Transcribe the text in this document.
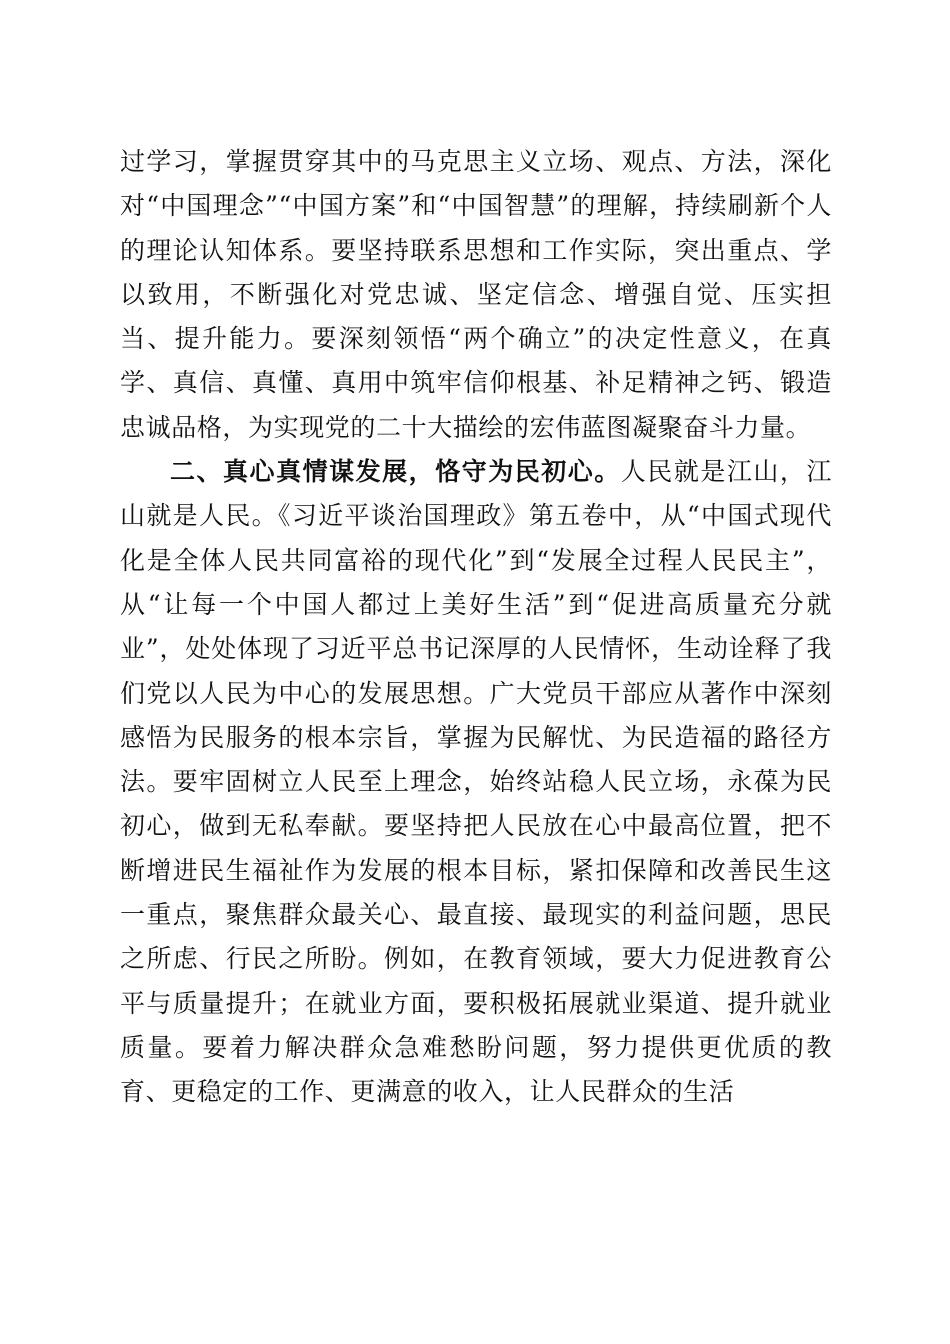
过学习，掌握贯穿其中的马克思主义立场、观点、方法，深化对“中国理念”“中国方案”和“中国智慧”的理解，持续刷新个人的理论认知体系。要坚持联系思想和工作实际，突出重点、学以致用，不断强化对党忠诚、坚定信念、增强自觉、压实担当、提升能力。要深刻领悟“两个确立”的决定性意义，在真学、真信、真懂、真用中筑牢信仰根基、补足精神之钙、锻造忠诚品格，为实现党的二十大描绘的宏伟蓝图凝聚奋斗力量。

二、真心真情谋发展，恪守为民初心。人民就是江山，江山就是人民。《习近平谈治国理政》第五卷中，从“中国式现代化是全体人民共同富裕的现代化”到“发展全过程人民民主”，从“让每一个中国人都过上美好生活”到“促进高质量充分就业”，处处体现了习近平总书记深厚的人民情怀，生动诠释了我们党以人民为中心的发展思想。广大党员干部应从著作中深刻感悟为民服务的根本宗旨，掌握为民解忧、为民造福的路径方法。要牢固树立人民至上理念，始终站稳人民立场，永葆为民初心，做到无私奉献。要坚持把人民放在心中最高位置，把不断增进民生福祉作为发展的根本目标，紧扣保障和改善民生这一重点，聚焦群众最关心、最直接、最现实的利益问题，思民之所虑、行民之所盼。例如，在教育领域，要大力促进教育公平与质量提升；在就业方面，要积极拓展就业渠道、提升就业质量。要着力解决群众急难愁盼问题，努力提供更优质的教育、更稳定的工作、更满意的收入，让人民群众的生活
